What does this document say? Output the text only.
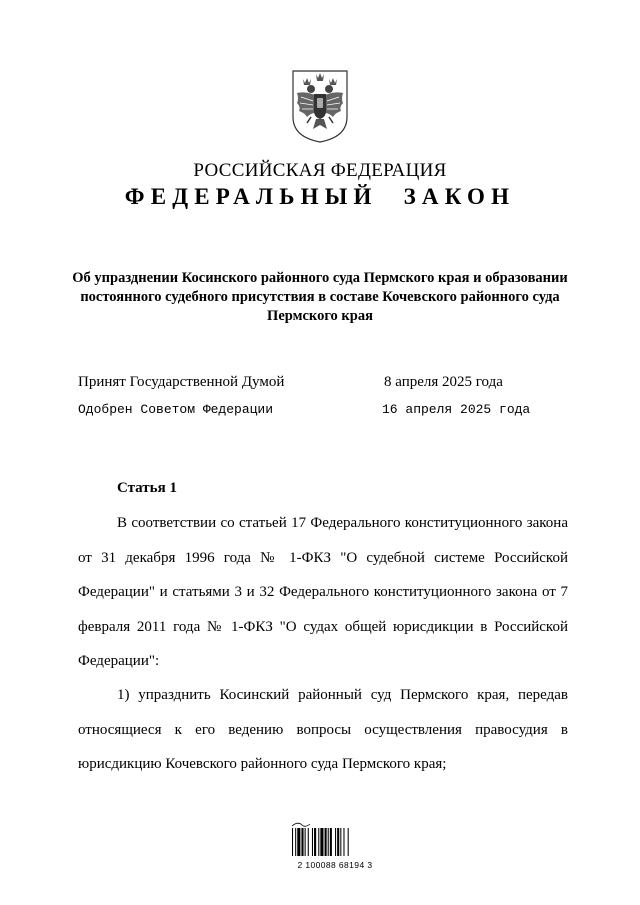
РОССИЙСКАЯ ФЕДЕРАЦИЯ
ФЕДЕРАЛЬНЫЙ ЗАКОН
Об упразднении Косинского районного суда Пермского края и образовании постоянного судебного присутствия в составе Кочевского районного суда Пермского края
Принят Государственной Думой	8 апреля 2025 года
Одобрен Советом Федерации	16 апреля 2025 года
Статья 1

В соответствии со статьей 17 Федерального конституционного закона от 31 декабря 1996 года № 1-ФКЗ "О судебной системе Российской Федерации" и статьями 3 и 32 Федерального конституционного закона от 7 февраля 2011 года № 1-ФКЗ "О судах общей юрисдикции в Российской Федерации":

1) упразднить Косинский районный суд Пермского края, передав относящиеся к его ведению вопросы осуществления правосудия в юрисдикцию Кочевского районного суда Пермского края;

2 100088 68194 3
